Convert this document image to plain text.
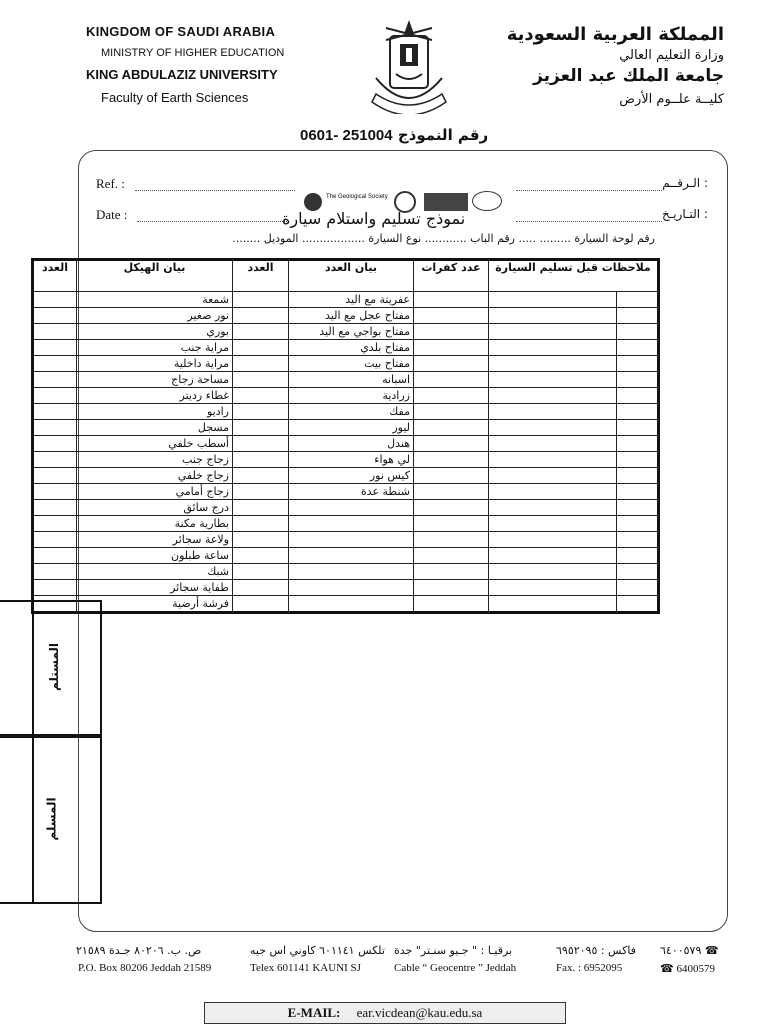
KINGDOM OF SAUDI ARABIA
MINISTRY OF HIGHER EDUCATION
KING ABDULAZIZ UNIVERSITY
Faculty of Earth Sciences
المملكة العربية السعودية
وزارة التعليم العالي
جامعة الملك عبد العزيز
كليــة علــوم الأرض
رقم النموذج 251004 -0601
Ref. :
Date :
: الـرقــم
: التـاريـخ
The Geological Society
نموذج تسليم واستلام سيارة
رقم لوحة السيارة ......... ..... رقم الباب ............ نوع السيارة .................. الموديل ........
العدد	بيان الهيكل	العدد	بيان العدد	عدد كفرات	ملاحظات قبل تسليم السيارة	
	شمعة		عفريتة مع اليد			
	نور صغير		مفتاح عجل مع اليد			
	بوري		مفتاح بواجي مع اليد			
	مراية جنب		مفتاح بلدي			
	مراية داخلية		مفتاح بيت			
	مساحة زجاج		اسبانه			
	غطاء رديتر		زرادية			
	راديو		مفك			
	مسجل		ليور			
	أسطب خلفي		هندل			
	زجاج جنب		لي هواء			
	زجاج خلفي		كيس نور			
	زجاج أمامي		شنطة عدة			
	درج سائق					
	بطارية مكنة					
	ولاعة سجائر					
	ساعة طبلون					
	شبك					
	طفاية سجائر					
	فرشة أرضية					
المستلم
المسلم
ص. ب. ٨٠٢٠٦ جـدة ٢١٥٨٩	تلكس ٦٠١١٤١ كاوني اس جيه برقيـا : " جـيو سنـتر" جدة	فاكس : ٦٩٥٢٠٩٥ ٦٤٠٠٥٧٩ ☎
P.O. Box 80206 Jeddah 21589	Telex 601141 KAUNI SJ	Cable “ Geocentre ” Jeddah	Fax. : 6952095	☎ 6400579
E-MAIL: ear.vicdean@kau.edu.sa
